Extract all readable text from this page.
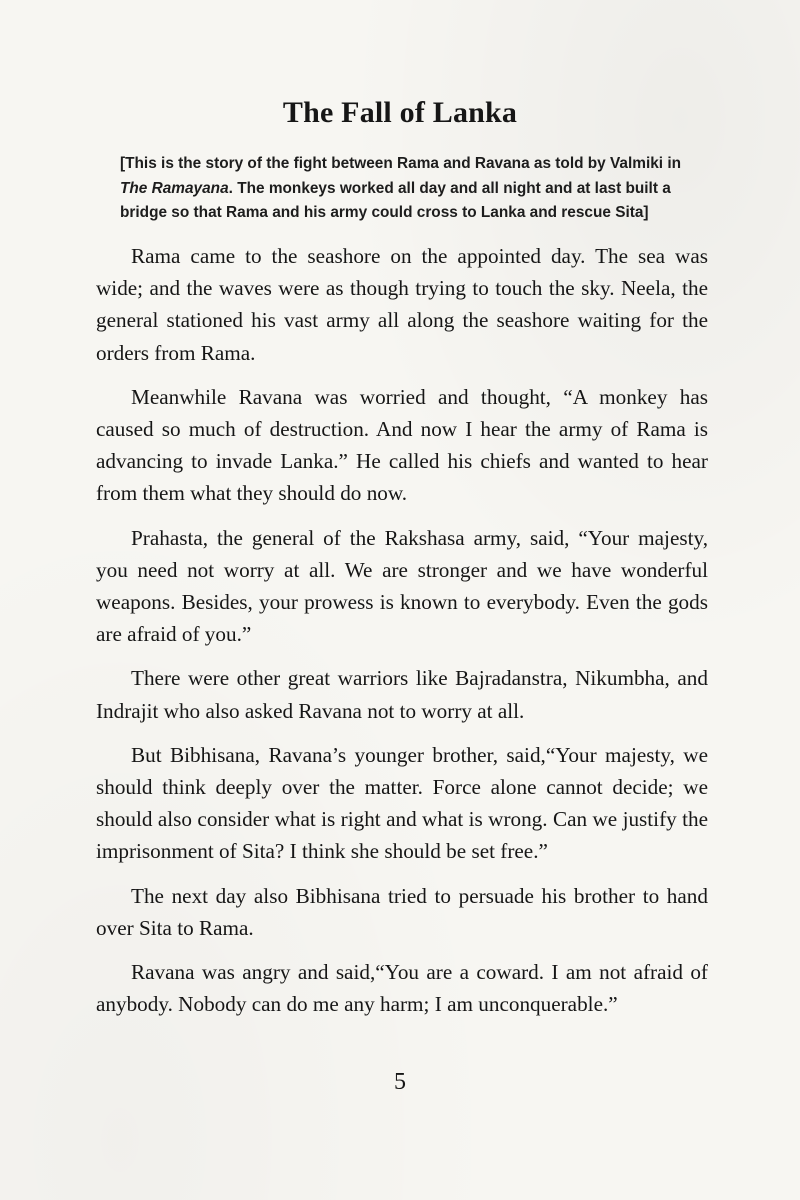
The Fall of Lanka

[This is the story of the fight between Rama and Ravana as told by Valmiki in The Ramayana. The monkeys worked all day and all night and at last built a bridge so that Rama and his army could cross to Lanka and rescue Sita]

Rama came to the seashore on the appointed day. The sea was wide; and the waves were as though trying to touch the sky. Neela, the general stationed his vast army all along the seashore waiting for the orders from Rama.

Meanwhile Ravana was worried and thought, “A monkey has caused so much of destruction. And now I hear the army of Rama is advancing to invade Lanka.” He called his chiefs and wanted to hear from them what they should do now.

Prahasta, the general of the Rakshasa army, said, “Your majesty, you need not worry at all. We are stronger and we have wonderful weapons. Besides, your prowess is known to everybody. Even the gods are afraid of you.”

There were other great warriors like Bajradanstra, Nikumbha, and Indrajit who also asked Ravana not to worry at all.

But Bibhisana, Ravana’s younger brother, said,“Your majesty, we should think deeply over the matter. Force alone cannot decide; we should also consider what is right and what is wrong. Can we justify the imprisonment of Sita? I think she should be set free.”

The next day also Bibhisana tried to persuade his brother to hand over Sita to Rama.

Ravana was angry and said,“You are a coward. I am not afraid of anybody. Nobody can do me any harm; I am unconquerable.”

5
